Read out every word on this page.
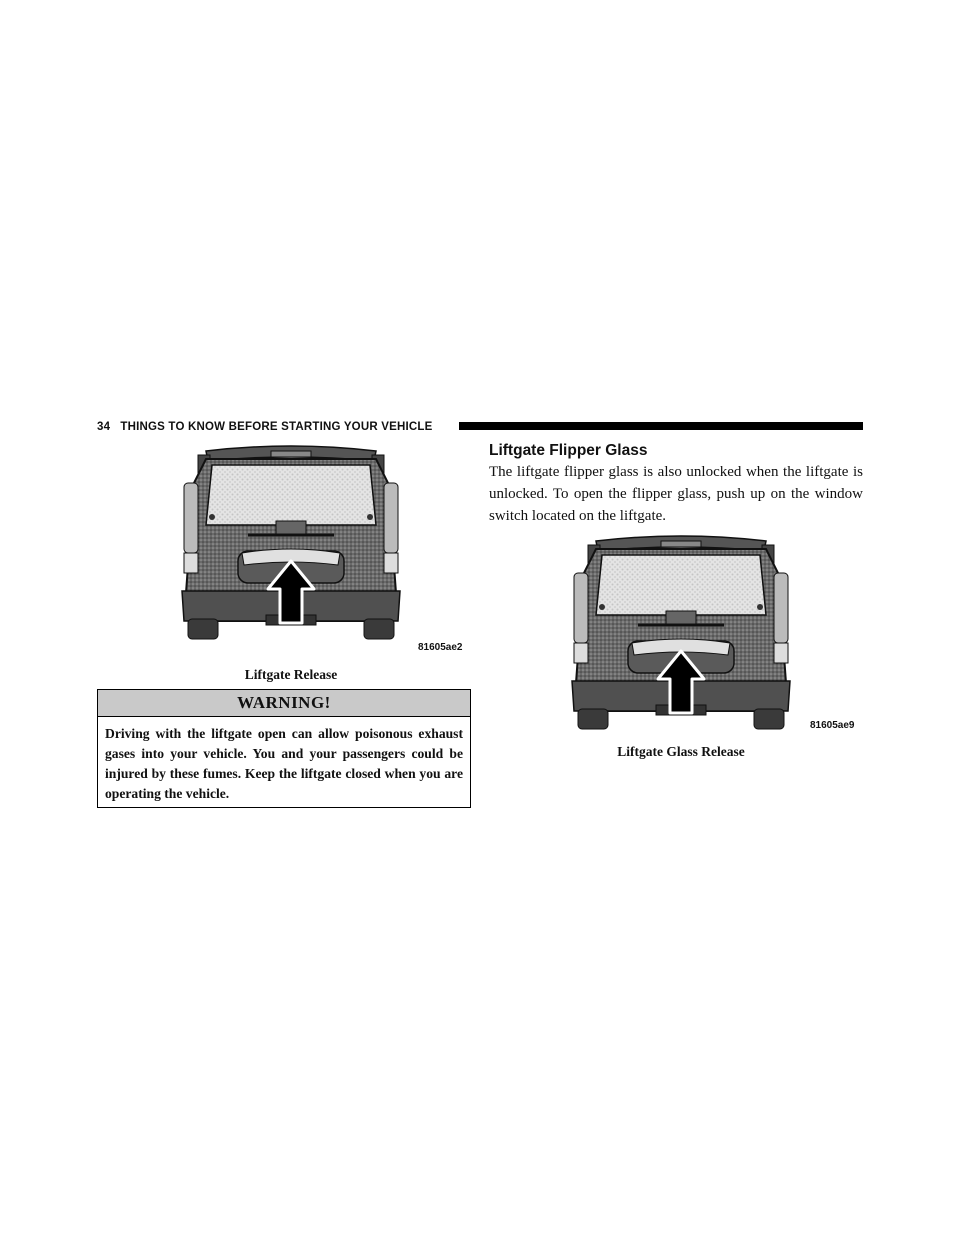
34 THINGS TO KNOW BEFORE STARTING YOUR VEHICLE
81605ae2
Liftgate Release
WARNING!
Driving with the liftgate open can allow poisonous exhaust gases into your vehicle. You and your passengers could be injured by these fumes. Keep the liftgate closed when you are operating the vehicle.
Liftgate Flipper Glass
The liftgate flipper glass is also unlocked when the liftgate is unlocked. To open the flipper glass, push up on the window switch located on the liftgate.
81605ae9
Liftgate Glass Release
